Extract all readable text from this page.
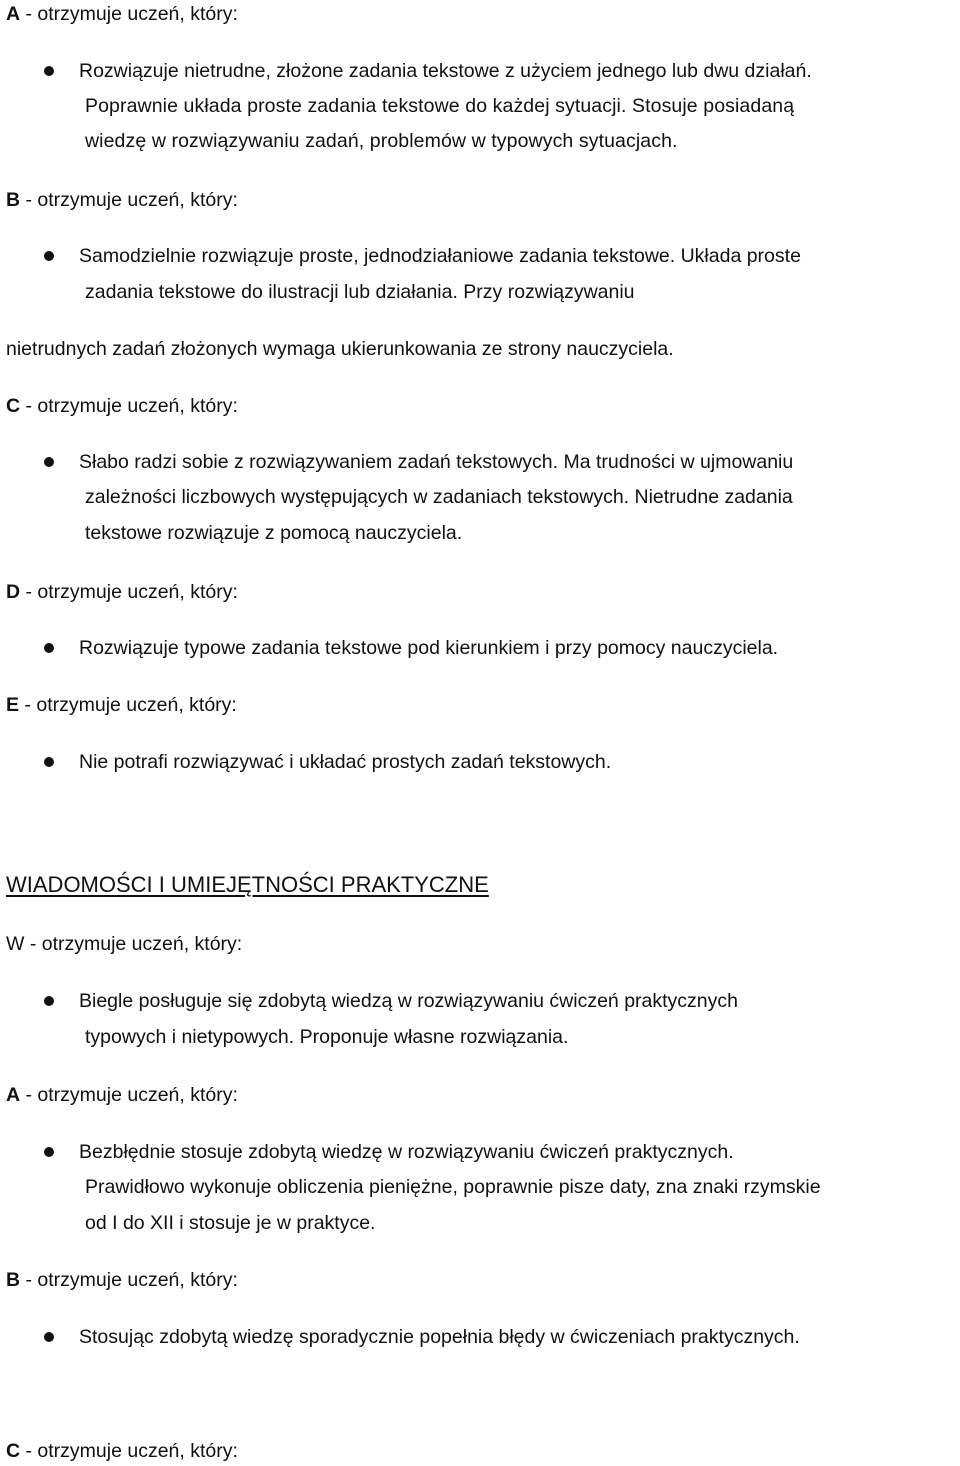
A - otrzymuje uczeń, który:
Rozwiązuje nietrudne, złożone zadania tekstowe z użyciem jednego lub dwu działań.
Poprawnie układa proste zadania tekstowe do każdej sytuacji. Stosuje posiadaną
wiedzę w rozwiązywaniu zadań, problemów w typowych sytuacjach.
B - otrzymuje uczeń, który:
Samodzielnie rozwiązuje proste, jednodziałaniowe zadania tekstowe. Układa proste
zadania tekstowe do ilustracji lub działania. Przy rozwiązywaniu
nietrudnych zadań złożonych wymaga ukierunkowania ze strony nauczyciela.
C - otrzymuje uczeń, który:
Słabo radzi sobie z rozwiązywaniem zadań tekstowych. Ma trudności w ujmowaniu
zależności liczbowych występujących w zadaniach tekstowych. Nietrudne zadania
tekstowe rozwiązuje z pomocą nauczyciela.
D - otrzymuje uczeń, który:
Rozwiązuje typowe zadania tekstowe pod kierunkiem i przy pomocy nauczyciela.
E - otrzymuje uczeń, który:
Nie potrafi rozwiązywać i układać prostych zadań tekstowych.
WIADOMOŚCI I UMIEJĘTNOŚCI PRAKTYCZNE
W - otrzymuje uczeń, który:
Biegle posługuje się zdobytą wiedzą w rozwiązywaniu ćwiczeń praktycznych
typowych i nietypowych. Proponuje własne rozwiązania.
A - otrzymuje uczeń, który:
Bezbłędnie stosuje zdobytą wiedzę w rozwiązywaniu ćwiczeń praktycznych.
Prawidłowo wykonuje obliczenia pieniężne, poprawnie pisze daty, zna znaki rzymskie
od I do XII i stosuje je w praktyce.
B - otrzymuje uczeń, który:
Stosując zdobytą wiedzę sporadycznie popełnia błędy w ćwiczeniach praktycznych.
C - otrzymuje uczeń, który:
